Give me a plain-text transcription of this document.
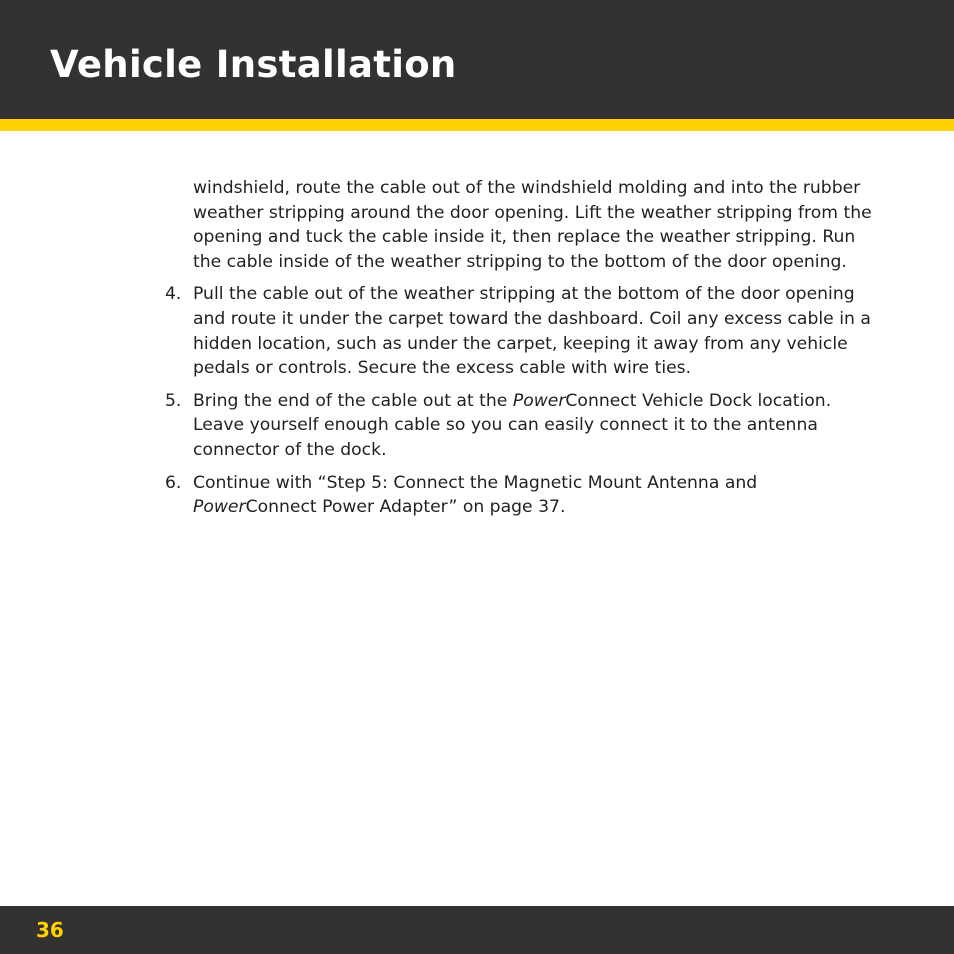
Vehicle Installation

windshield, route the cable out of the windshield molding and into the rubber weather stripping around the door opening. Lift the weather stripping from the opening and tuck the cable inside it, then replace the weather stripping. Run the cable inside of the weather stripping to the bottom of the door opening.

4. Pull the cable out of the weather stripping at the bottom of the door opening and route it under the carpet toward the dashboard. Coil any excess cable in a hidden location, such as under the carpet, keeping it away from any vehicle pedals or controls. Secure the excess cable with wire ties.
5. Bring the end of the cable out at the PowerConnect Vehicle Dock location. Leave yourself enough cable so you can easily connect it to the antenna connector of the dock.
6. Continue with “Step 5: Connect the Magnetic Mount Antenna and PowerConnect Power Adapter” on page 37.
36
